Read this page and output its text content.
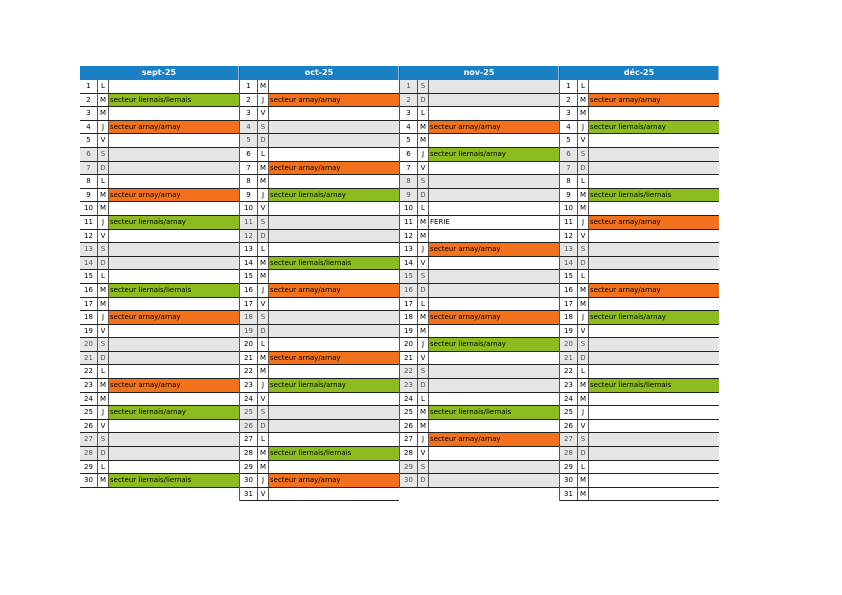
sept-25
1	L
2	M secteur liernais/liernais
3	M
4	J secteur arnay/arnay
5	V
6	S
7	D
8	L
9	M secteur arnay/arnay
10	M
11	J secteur liernais/arnay
12	V
13	S
14	D
15	L
16	M secteur liernais/liernais
17	M
18	J secteur arnay/arnay
19	V
20	S
21	D
22	L
23	M secteur arnay/arnay
24	M
25	J secteur liernais/arnay
26	V
27	S
28	D
29	L
30	M secteur liernais/liernais
oct-25
1	M
2	J secteur arnay/arnay
3	V
4	S
5	D
6	L
7	M secteur arnay/arnay
8	M
9	J secteur liernais/arnay
10	V
11	S
12	D
13	L
14	M secteur liernais/liernais
15	M
16	J secteur arnay/arnay
17	V
18	S
19	D
20	L
21	M secteur arnay/arnay
22	M
23	J secteur liernais/arnay
24	V
25	S
26	D
27	L
28	M secteur liernais/liernais
29	M
30	J secteur arnay/arnay
31	V
nov-25
1	S
2	D
3	L
4	M secteur arnay/arnay
5	M
6	J secteur liernais/arnay
7	V
8	S
9	D
10	L
11	M FERIE
12	M
13	J secteur arnay/arnay
14	V
15	S
16	D
17	L
18	M secteur arnay/arnay
19	M
20	J secteur liernais/arnay
21	V
22	S
23	D
24	L
25	M secteur liernais/liernais
26	M
27	J secteur arnay/arnay
28	V
29	S
30	D
déc-25
1	L
2	M secteur arnay/arnay
3	M
4	J secteur liernais/arnay
5	V
6	S
7	D
8	L
9	M secteur liernais/liernais
10	M
11	J secteur arnay/arnay
12	V
13	S
14	D
15	L
16	M secteur arnay/arnay
17	M
18	J secteur liernais/arnay
19	V
20	S
21	D
22	L
23	M secteur liernais/liernais
24	M
25	J
26	V
27	S
28	D
29	L
30	M
31	M
